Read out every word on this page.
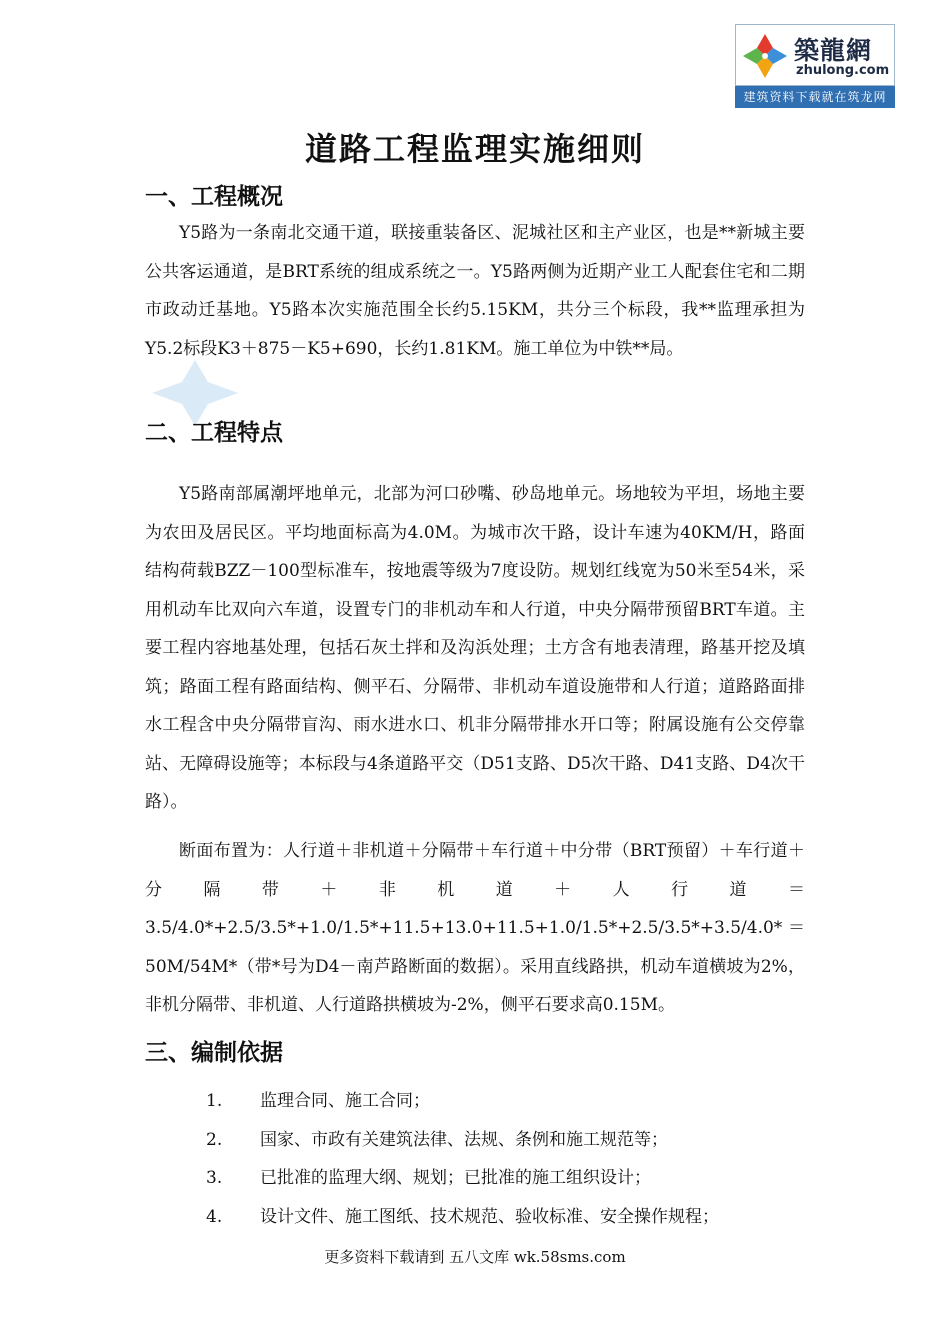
築龍網
zhulong.com
建筑资料下载就在筑龙网
道路工程监理实施细则
一、工程概况

Y5路为一条南北交通干道，联接重装备区、泥城社区和主产业区，也是**新城主要公共客运通道，是BRT系统的组成系统之一。Y5路两侧为近期产业工人配套住宅和二期市政动迁基地。Y5路本次实施范围全长约5.15KM，共分三个标段，我**监理承担为Y5.2标段K3＋875－K5+690，长约1.81KM。施工单位为中铁**局。

二、工程特点

Y5路南部属潮坪地单元，北部为河口砂嘴、砂岛地单元。场地较为平坦，场地主要为农田及居民区。平均地面标高为4.0M。为城市次干路，设计车速为40KM/H，路面结构荷载BZZ－100型标准车，按地震等级为7度设防。规划红线宽为50米至54米，采用机动车比双向六车道，设置专门的非机动车和人行道，中央分隔带预留BRT车道。主要工程内容地基处理，包括石灰土拌和及沟浜处理；土方含有地表清理，路基开挖及填筑；路面工程有路面结构、侧平石、分隔带、非机动车道设施带和人行道；道路路面排水工程含中央分隔带盲沟、雨水进水口、机非分隔带排水开口等；附属设施有公交停靠站、无障碍设施等；本标段与4条道路平交（D51支路、D5次干路、D41支路、D4次干路）。

断面布置为：人行道＋非机道＋分隔带＋车行道＋中分带（BRT预留）＋车行道＋分隔带＋非机道＋人行道＝3.5/4.0*+2.5/3.5*+1.0/1.5*+11.5+13.0+11.5+1.0/1.5*+2.5/3.5*+3.5/4.0*＝50M/54M*（带*号为D4－南芦路断面的数据）。采用直线路拱，机动车道横坡为2%，非机分隔带、非机道、人行道路拱横坡为-2%，侧平石要求高0.15M。

三、编制依据
1. 监理合同、施工合同；
2. 国家、市政有关建筑法律、法规、条例和施工规范等；
3. 已批准的监理大纲、规划；已批准的施工组织设计；
4. 设计文件、施工图纸、技术规范、验收标准、安全操作规程；
更多资料下载请到 五八文库 wk.58sms.com
